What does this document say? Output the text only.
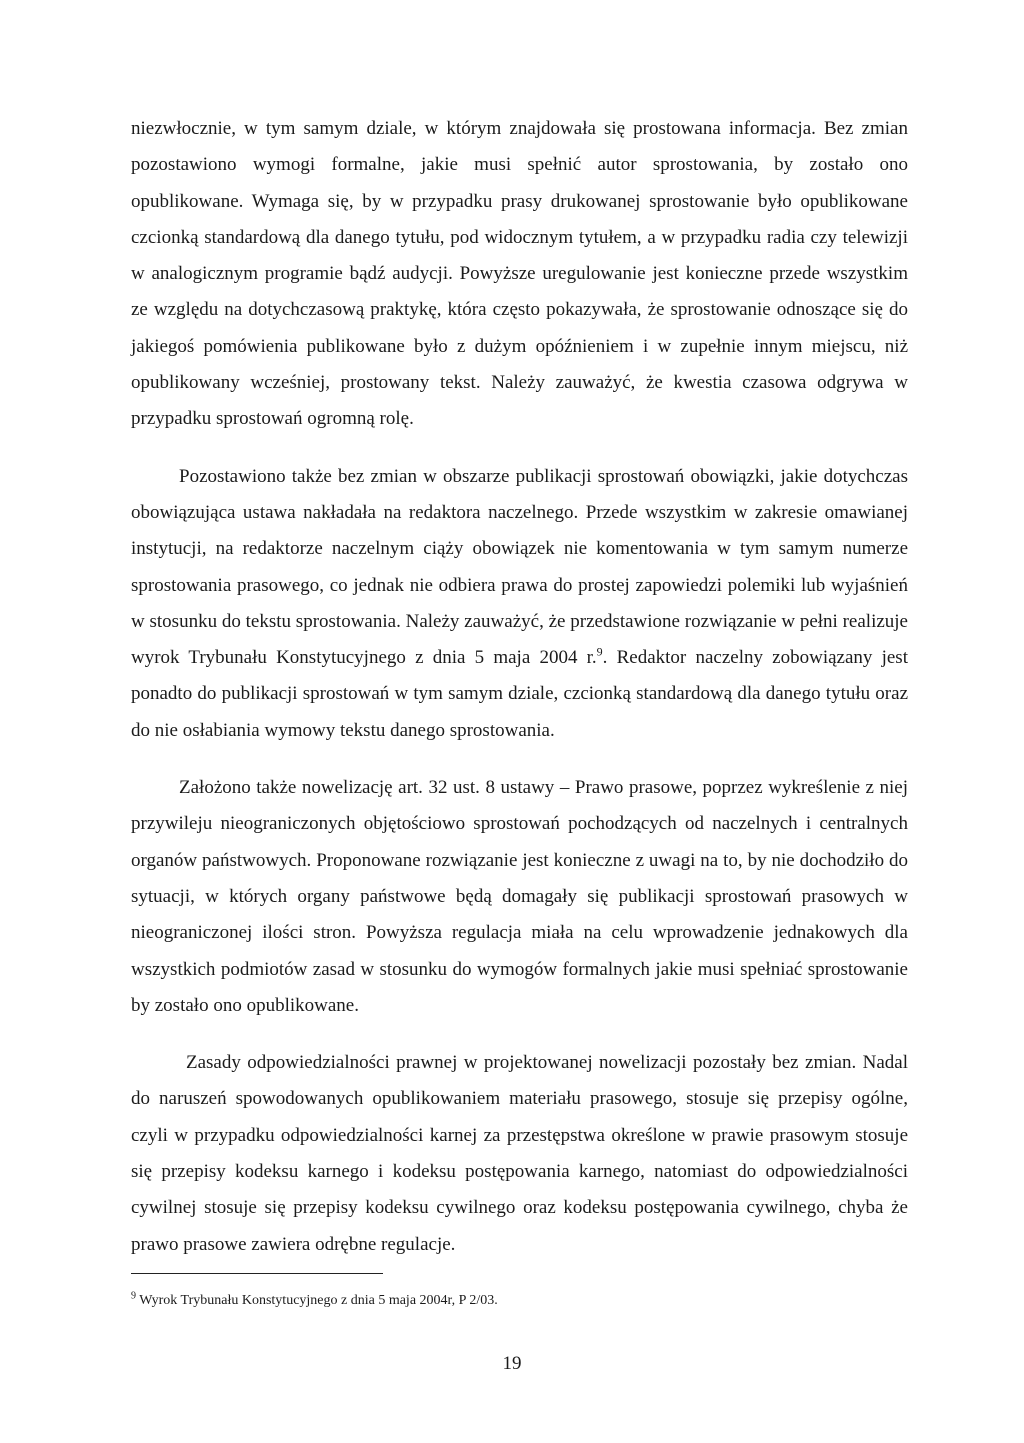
niezwłocznie, w tym samym dziale, w którym znajdowała się prostowana informacja. Bez zmian pozostawiono wymogi formalne, jakie musi spełnić autor sprostowania, by zostało ono opublikowane. Wymaga się, by w przypadku prasy drukowanej sprostowanie było opublikowane czcionką standardową dla danego tytułu, pod widocznym tytułem, a w przypadku radia czy telewizji w analogicznym programie bądź audycji. Powyższe uregulowanie jest konieczne przede wszystkim ze względu na dotychczasową praktykę, która często pokazywała, że sprostowanie odnoszące się do jakiegoś pomówienia publikowane było z dużym opóźnieniem i w zupełnie innym miejscu, niż opublikowany wcześniej, prostowany tekst. Należy zauważyć, że kwestia czasowa odgrywa w przypadku sprostowań ogromną rolę.

Pozostawiono także bez zmian w obszarze publikacji sprostowań obowiązki, jakie dotychczas obowiązująca ustawa nakładała na redaktora naczelnego. Przede wszystkim w zakresie omawianej instytucji, na redaktorze naczelnym ciąży obowiązek nie komentowania w tym samym numerze sprostowania prasowego, co jednak nie odbiera prawa do prostej zapowiedzi polemiki lub wyjaśnień w stosunku do tekstu sprostowania. Należy zauważyć, że przedstawione rozwiązanie w pełni realizuje wyrok Trybunału Konstytucyjnego z dnia 5 maja 2004 r.$^9$. Redaktor naczelny zobowiązany jest ponadto do publikacji sprostowań w tym samym dziale, czcionką standardową dla danego tytułu oraz do nie osłabiania wymowy tekstu danego sprostowania.

Założono także nowelizację art. 32 ust. 8 ustawy – Prawo prasowe, poprzez wykreślenie z niej przywileju nieograniczonych objętościowo sprostowań pochodzących od naczelnych i centralnych organów państwowych. Proponowane rozwiązanie jest konieczne z uwagi na to, by nie dochodziło do sytuacji, w których organy państwowe będą domagały się publikacji sprostowań prasowych w nieograniczonej ilości stron. Powyższa regulacja miała na celu wprowadzenie jednakowych dla wszystkich podmiotów zasad w stosunku do wymogów formalnych jakie musi spełniać sprostowanie by zostało ono opublikowane.

Zasady odpowiedzialności prawnej w projektowanej nowelizacji pozostały bez zmian. Nadal do naruszeń spowodowanych opublikowaniem materiału prasowego, stosuje się przepisy ogólne, czyli w przypadku odpowiedzialności karnej za przestępstwa określone w prawie prasowym stosuje się przepisy kodeksu karnego i kodeksu postępowania karnego, natomiast do odpowiedzialności cywilnej stosuje się przepisy kodeksu cywilnego oraz kodeksu postępowania cywilnego, chyba że prawo prasowe zawiera odrębne regulacje.

$^9$ Wyrok Trybunału Konstytucyjnego z dnia 5 maja 2004r, P 2/03.
19
